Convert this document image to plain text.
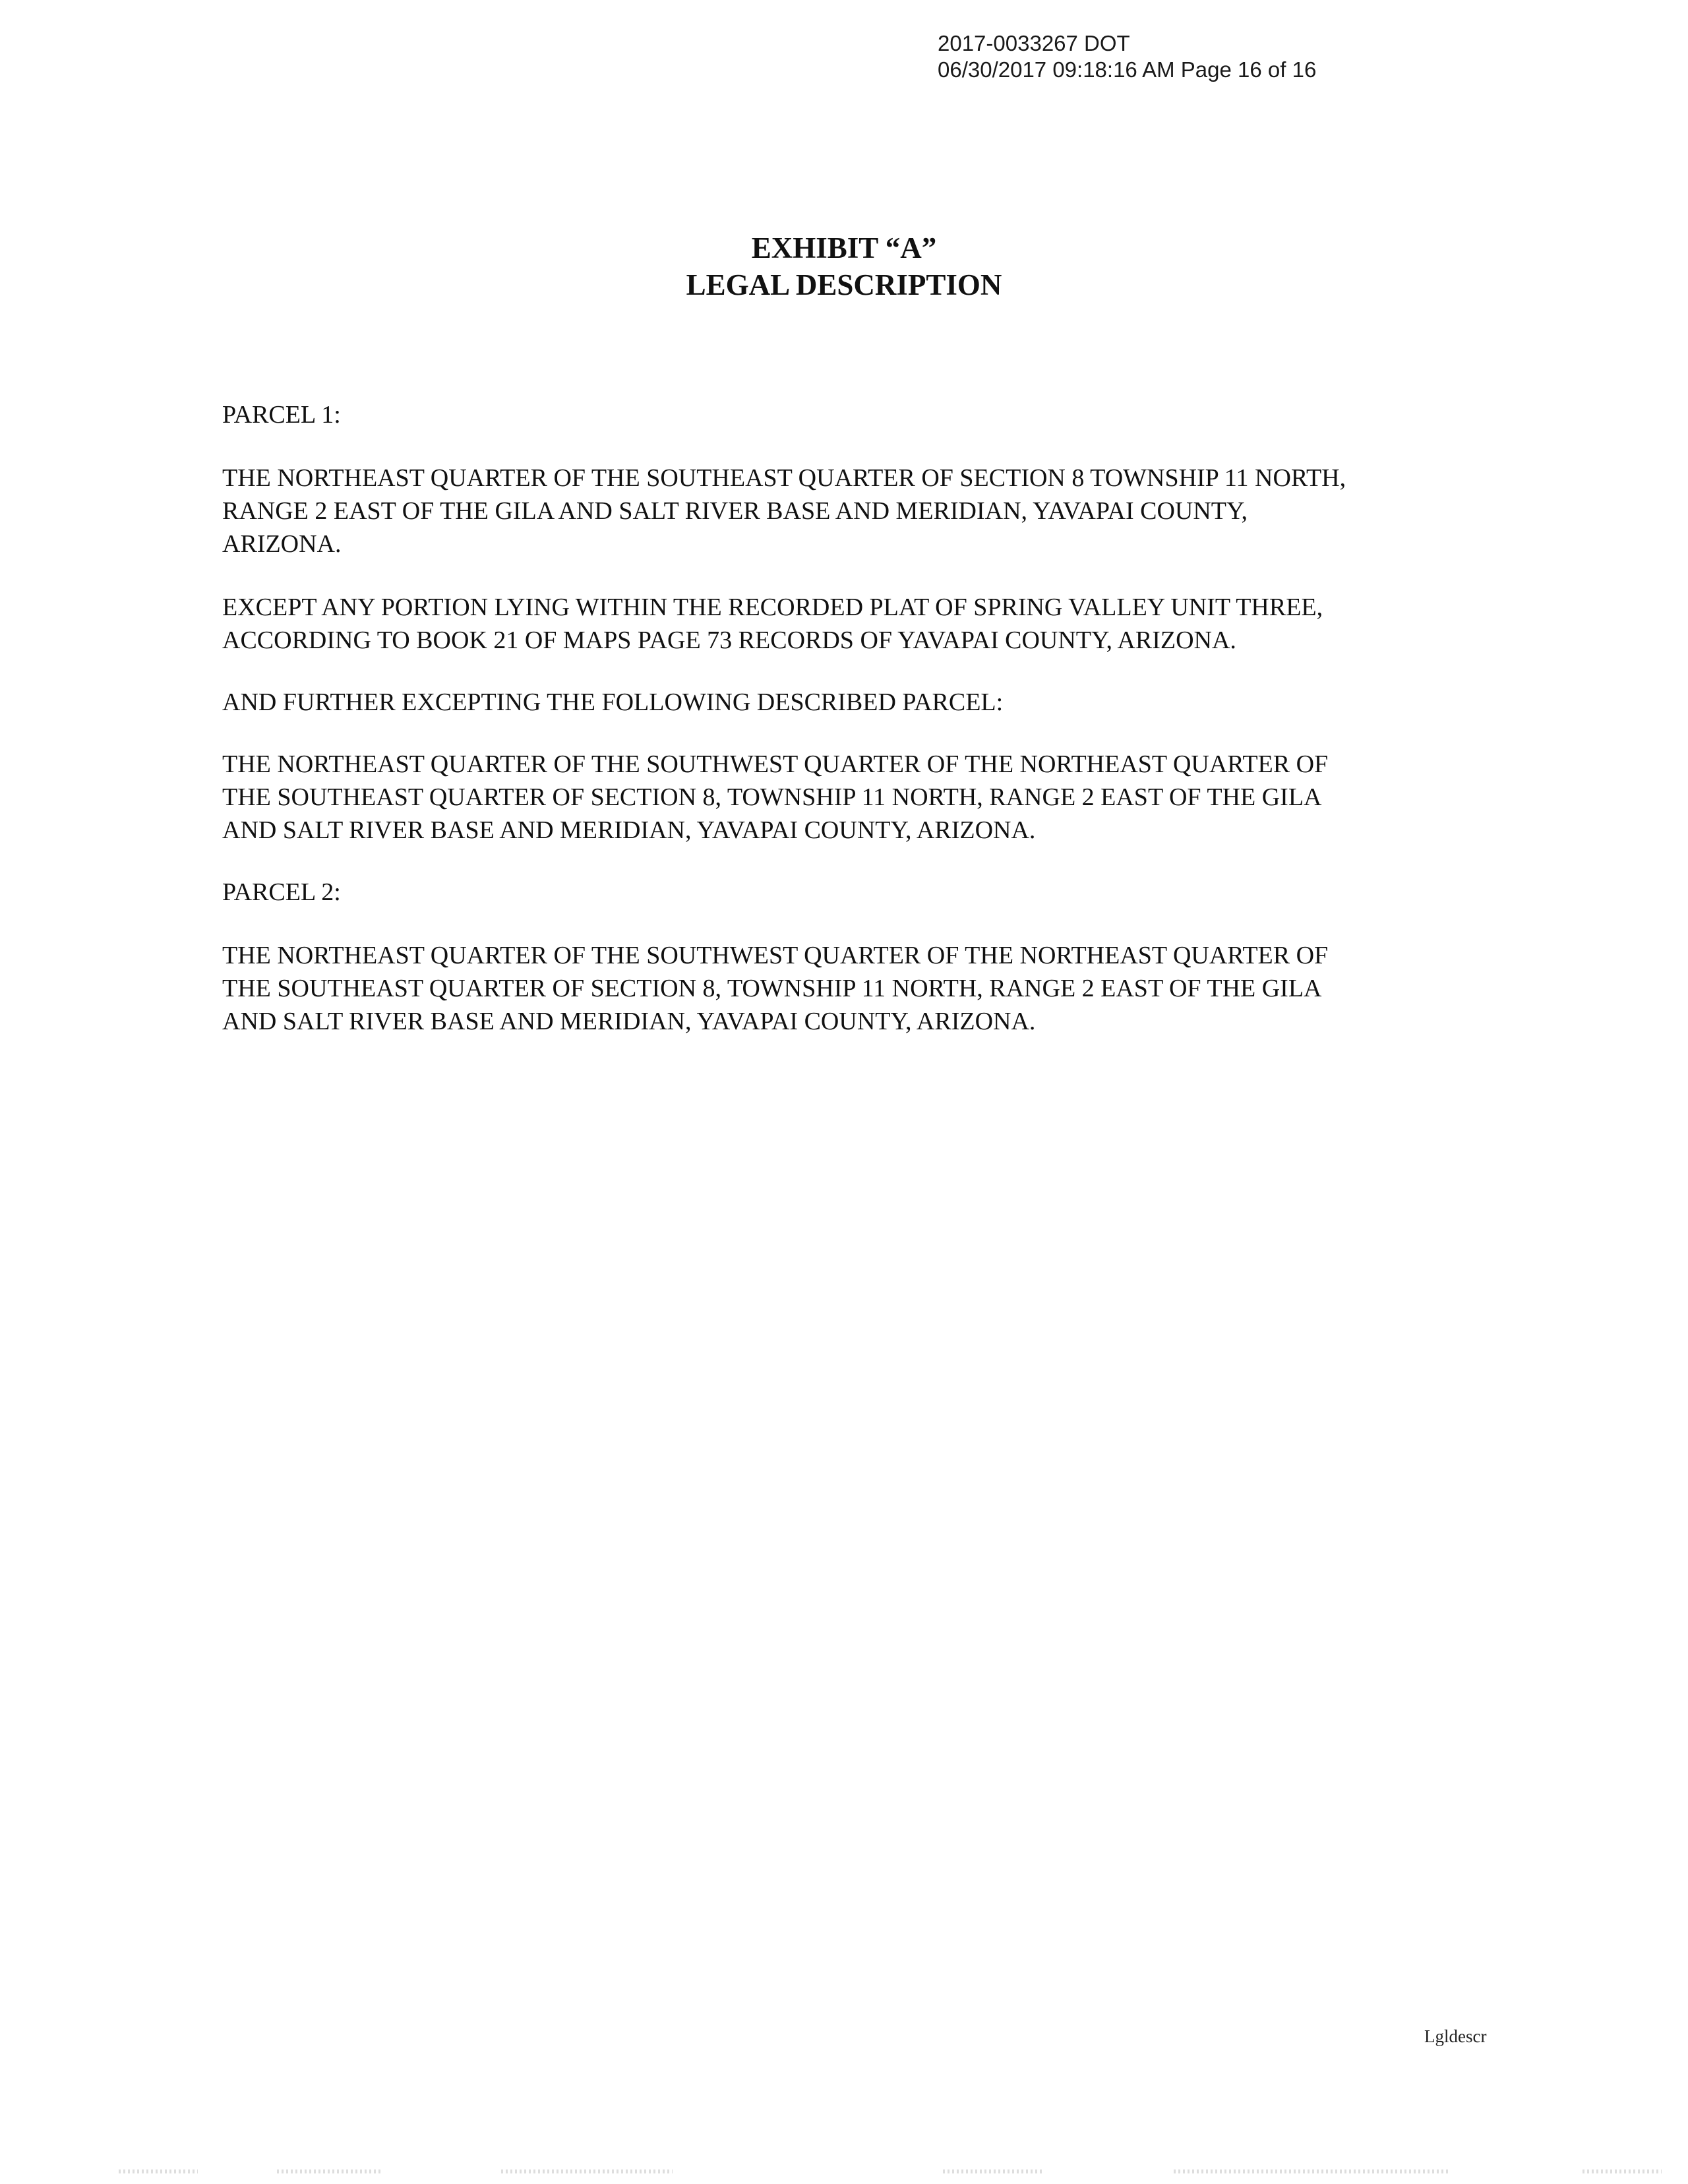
2017-0033267 DOT
06/30/2017 09:18:16 AM Page 16 of 16
EXHIBIT “A”
LEGAL DESCRIPTION
PARCEL 1:
THE NORTHEAST QUARTER OF THE SOUTHEAST QUARTER OF SECTION 8 TOWNSHIP 11 NORTH,
RANGE 2 EAST OF THE GILA AND SALT RIVER BASE AND MERIDIAN, YAVAPAI COUNTY,
ARIZONA.
EXCEPT ANY PORTION LYING WITHIN THE RECORDED PLAT OF SPRING VALLEY UNIT THREE,
ACCORDING TO BOOK 21 OF MAPS PAGE 73 RECORDS OF YAVAPAI COUNTY, ARIZONA.
AND FURTHER EXCEPTING THE FOLLOWING DESCRIBED PARCEL:
THE NORTHEAST QUARTER OF THE SOUTHWEST QUARTER OF THE NORTHEAST QUARTER OF
THE SOUTHEAST QUARTER OF SECTION 8, TOWNSHIP 11 NORTH, RANGE 2 EAST OF THE GILA
AND SALT RIVER BASE AND MERIDIAN, YAVAPAI COUNTY, ARIZONA.
PARCEL 2:
THE NORTHEAST QUARTER OF THE SOUTHWEST QUARTER OF THE NORTHEAST QUARTER OF
THE SOUTHEAST QUARTER OF SECTION 8, TOWNSHIP 11 NORTH, RANGE 2 EAST OF THE GILA
AND SALT RIVER BASE AND MERIDIAN, YAVAPAI COUNTY, ARIZONA.
Lgldescr
